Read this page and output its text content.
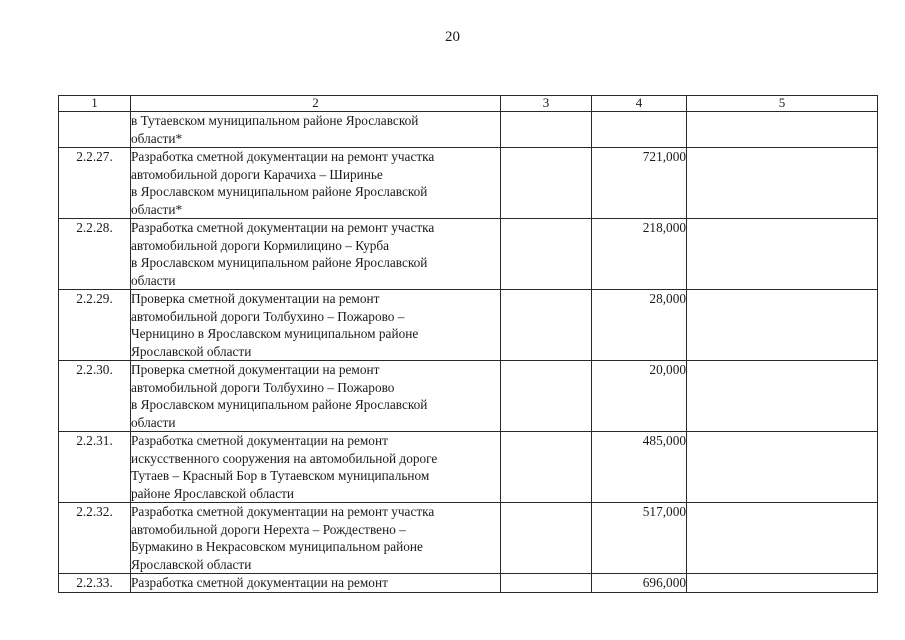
20
1	2	3	4	5

	в Тутаевском муниципальном районе Ярославской
области*			

2.2.27.	Разработка сметной документации на ремонт участка
автомобильной дороги Карачиха – Ширинье
в Ярославском муниципальном районе Ярославской
области*		721,000	
2.2.28.	Разработка сметной документации на ремонт участка
автомобильной дороги Кормилицино – Курба
в Ярославском муниципальном районе Ярославской
области		218,000	
2.2.29.	Проверка сметной документации на ремонт
автомобильной дороги Толбухино – Пожарово –
Черницино в Ярославском муниципальном районе
Ярославской области		28,000	
2.2.30.	Проверка сметной документации на ремонт
автомобильной дороги Толбухино – Пожарово
в Ярославском муниципальном районе Ярославской
области		20,000	
2.2.31.	Разработка сметной документации на ремонт
искусственного сооружения на автомобильной дороге
Тутаев – Красный Бор в Тутаевском муниципальном
районе Ярославской области		485,000	
2.2.32.	Разработка сметной документации на ремонт участка
автомобильной дороги Нерехта – Рождествено –
Бурмакино в Некрасовском муниципальном районе
Ярославской области		517,000	
2.2.33.	Разработка сметной документации на ремонт		696,000	
